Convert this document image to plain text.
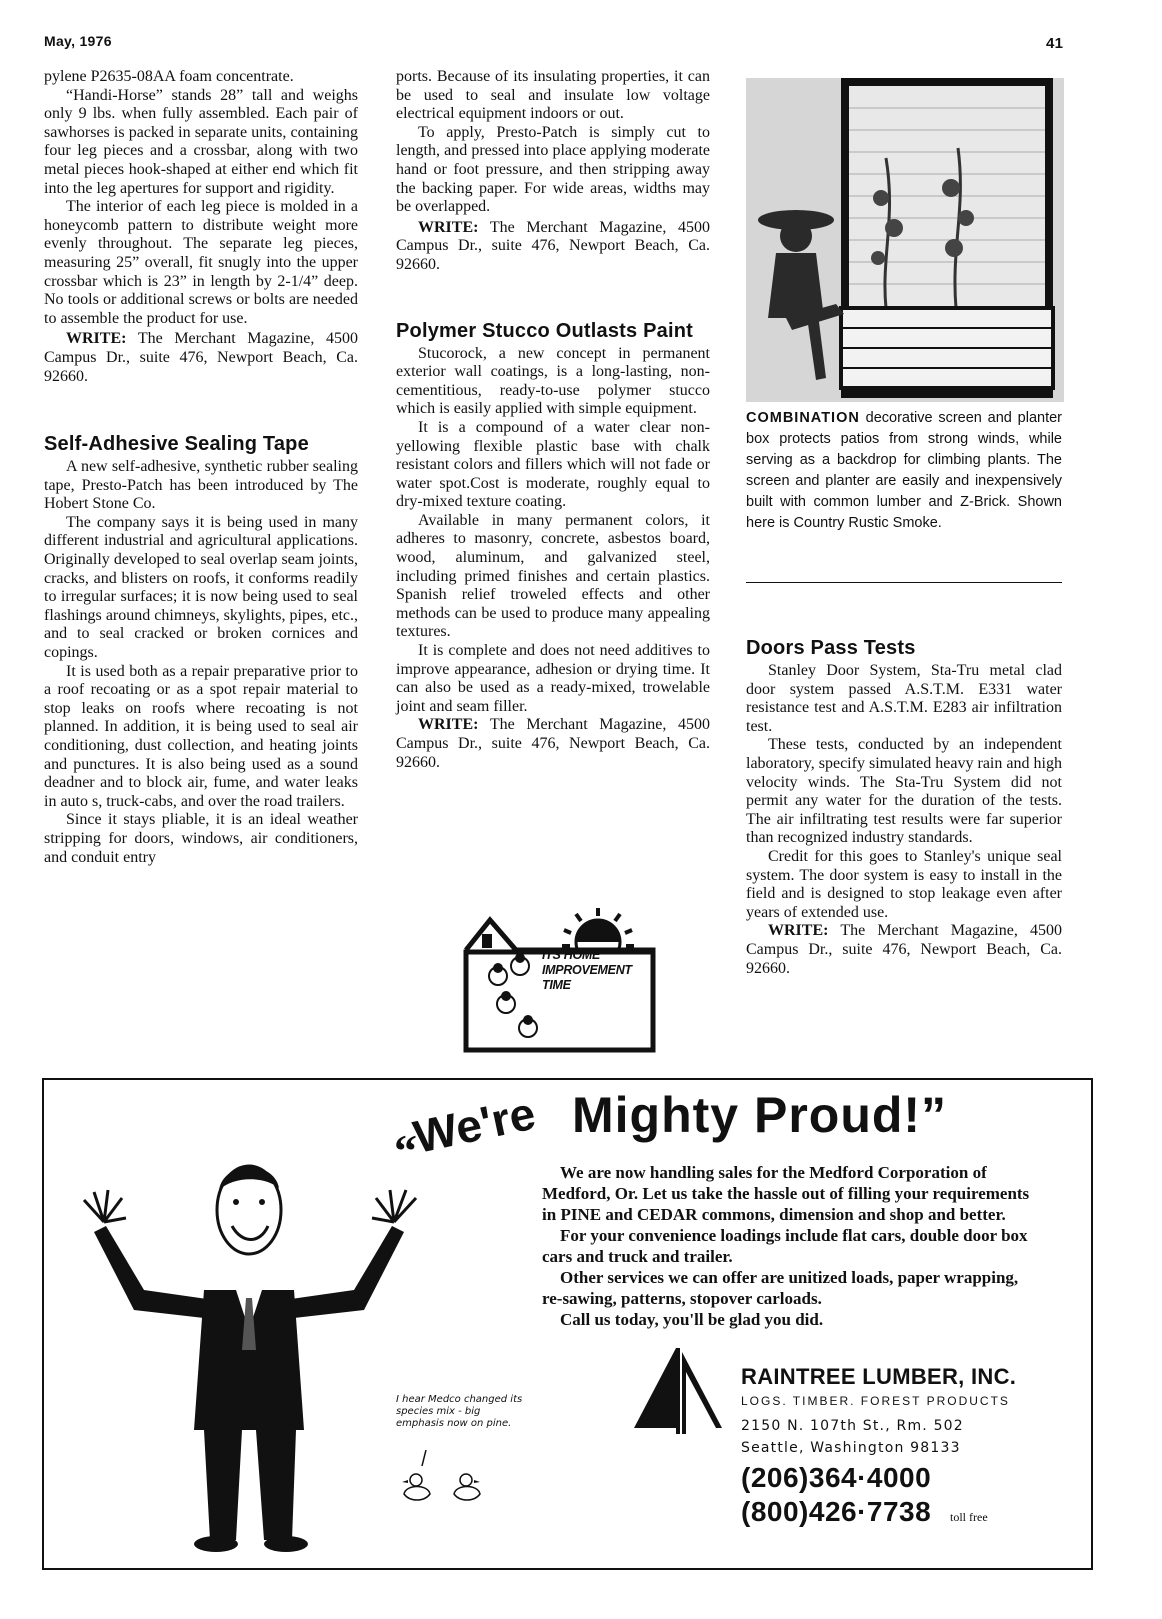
May, 1976	41

pylene P2635-08AA foam concentrate.

“Handi-Horse” stands 28” tall and weighs only 9 lbs. when fully assembled. Each pair of sawhorses is packed in separate units, containing four leg pieces and a crossbar, along with two metal pieces hook-shaped at either end which fit into the leg apertures for support and rigidity.

The interior of each leg piece is molded in a honeycomb pattern to distribute weight more evenly throughout. The separate leg pieces, measuring 25” overall, fit snugly into the upper crossbar which is 23” in length by 2-1/4” deep. No tools or additional screws or bolts are needed to assemble the product for use.

WRITE: The Merchant Magazine, 4500 Campus Dr., suite 476, Newport Beach, Ca. 92660.

Self-Adhesive Sealing Tape

A new self-adhesive, synthetic rubber sealing tape, Presto-Patch has been introduced by The Hobert Stone Co.

The company says it is being used in many different industrial and agricultural applications. Originally developed to seal overlap seam joints, cracks, and blisters on roofs, it conforms readily to irregular surfaces; it is now being used to seal flashings around chimneys, skylights, pipes, etc., and to seal cracked or broken cornices and copings.

It is used both as a repair preparative prior to a roof recoating or as a spot repair material to stop leaks on roofs where recoating is not planned. In addition, it is being used to seal air conditioning, dust collection, and heating joints and punctures. It is also being used as a sound deadner and to block air, fume, and water leaks in auto s, truck-cabs, and over the road trailers.

Since it stays pliable, it is an ideal weather stripping for doors, windows, air conditioners, and conduit entry

ports. Because of its insulating properties, it can be used to seal and insulate low voltage electrical equipment indoors or out.

To apply, Presto-Patch is simply cut to length, and pressed into place applying moderate hand or foot pressure, and then stripping away the backing paper. For wide areas, widths may be overlapped.

WRITE: The Merchant Magazine, 4500 Campus Dr., suite 476, Newport Beach, Ca. 92660.

Polymer Stucco Outlasts Paint

Stucorock, a new concept in permanent exterior wall coatings, is a long-lasting, non-cementitious, ready-to-use polymer stucco which is easily applied with simple equipment.

It is a compound of a water clear non-yellowing flexible plastic base with chalk resistant colors and fillers which will not fade or water spot.Cost is moderate, roughly equal to dry-mixed texture coating.

Available in many permanent colors, it adheres to masonry, concrete, asbestos board, wood, aluminum, and galvanized steel, including primed finishes and certain plastics. Spanish relief troweled effects and other methods can be used to produce many appealing textures.

It is complete and does not need additives to improve appearance, adhesion or drying time. It can also be used as a ready-mixed, trowelable joint and seam filler.

WRITE: The Merchant Magazine, 4500 Campus Dr., suite 476, Newport Beach, Ca. 92660.

ITS HOME IMPROVEMENT TIME
COMBINATION decorative screen and planter box protects patios from strong winds, while serving as a backdrop for climbing plants. The screen and planter are easily and inexpensively built with common lumber and Z-Brick. Shown here is Country Rustic Smoke.
Doors Pass Tests

Stanley Door System, Sta-Tru metal clad door system passed A.S.T.M. E331 water resistance test and A.S.T.M. E283 air infiltration test.

These tests, conducted by an independent laboratory, specify simulated heavy rain and high velocity winds. The Sta-Tru System did not permit any water for the duration of the tests. The air infiltrating test results were far superior than recognized industry standards.

Credit for this goes to Stanley's unique seal system. The door system is easy to install in the field and is designed to stop leakage even after years of extended use.

WRITE: The Merchant Magazine, 4500 Campus Dr., suite 476, Newport Beach, Ca. 92660.

“
We're Mighty Proud!”

We are now handling sales for the Medford Corporation of Medford, Or. Let us take the hassle out of filling your requirements in PINE and CEDAR commons, dimension and shop and better.

For your convenience loadings include flat cars, double door box cars and truck and trailer.

Other services we can offer are unitized loads, paper wrapping, re-sawing, patterns, stopover carloads.

Call us today, you'll be glad you did.

I hear Medco changed its species mix - big emphasis now on pine.
RAINTREE LUMBER, INC.
LOGS. TIMBER. FOREST PRODUCTS
2150 N. 107th St., Rm. 502
Seattle, Washington 98133
(206)364·4000
(800)426·7738 toll free
